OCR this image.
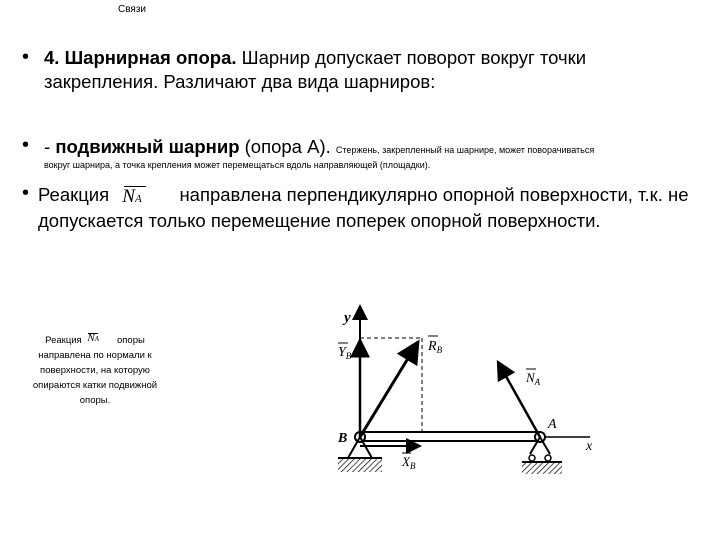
Связи
• 4. Шарнирная опора. Шарнир допускает поворот вокруг точки закрепления. Различают два вида шарниров:
• - подвижный шарнир (опора А). Стержень, закрепленный на шарнире, может поворачиваться
вокруг шарнира, а точка крепления может перемещаться вдоль направляющей (площадки).
• Реакция NA направлена перпендикулярно опорной поверхности, т.к. не допускается только перемещение поперек опорной поверхности.
Реакция NA опоры направлена по нормали к поверхности, на которую опираются катки подвижной опоры.
y
x
B
A
$N_A$
$R_B$
$Y_B$
$X_B$
